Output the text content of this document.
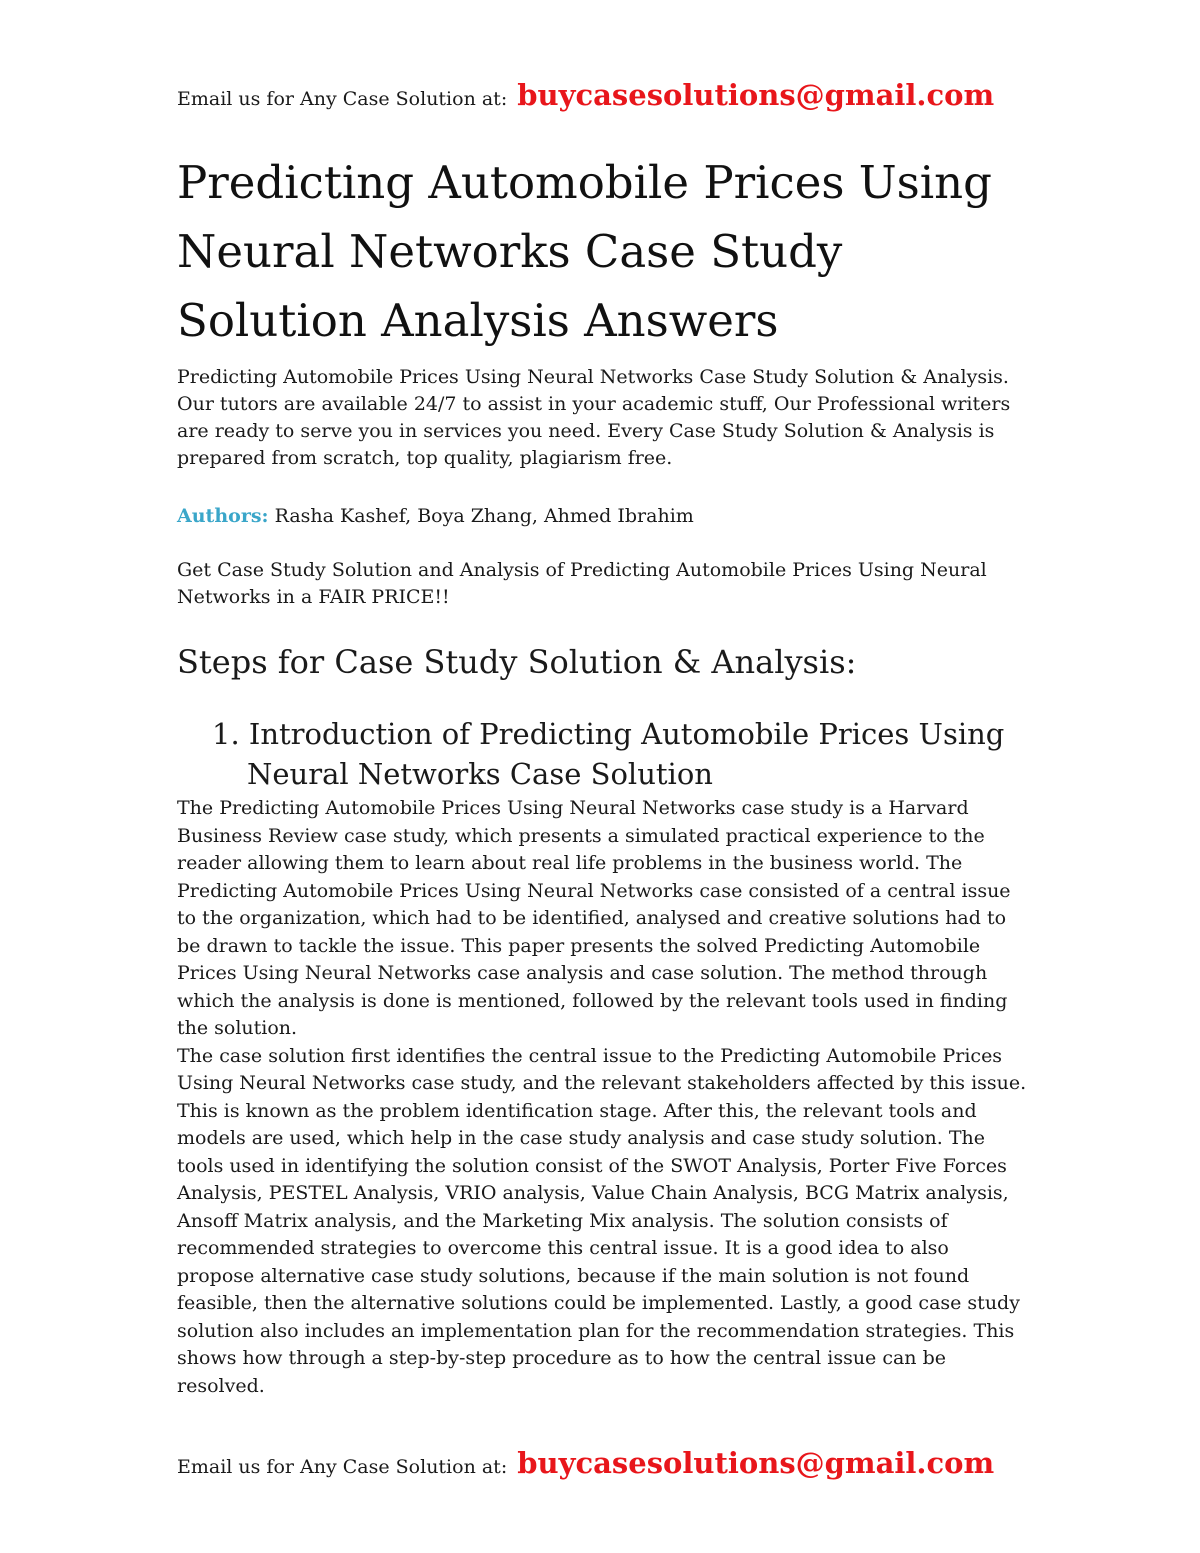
Email us for Any Case Solution at: buycasesolutions@gmail.com
Predicting Automobile Prices Using Neural Networks Case Study Solution Analysis Answers

Predicting Automobile Prices Using Neural Networks Case Study Solution & Analysis. Our tutors are available 24/7 to assist in your academic stuff, Our Professional writers are ready to serve you in services you need. Every Case Study Solution & Analysis is prepared from scratch, top quality, plagiarism free.

Authors: Rasha Kashef, Boya Zhang, Ahmed Ibrahim

Get Case Study Solution and Analysis of Predicting Automobile Prices Using Neural Networks in a FAIR PRICE!!

Steps for Case Study Solution & Analysis:
1. Introduction of Predicting Automobile Prices Using Neural Networks Case Solution

The Predicting Automobile Prices Using Neural Networks case study is a Harvard Business Review case study, which presents a simulated practical experience to the reader allowing them to learn about real life problems in the business world. The Predicting Automobile Prices Using Neural Networks case consisted of a central issue to the organization, which had to be identified, analysed and creative solutions had to be drawn to tackle the issue. This paper presents the solved Predicting Automobile Prices Using Neural Networks case analysis and case solution. The method through which the analysis is done is mentioned, followed by the relevant tools used in finding the solution.

The case solution first identifies the central issue to the Predicting Automobile Prices Using Neural Networks case study, and the relevant stakeholders affected by this issue. This is known as the problem identification stage. After this, the relevant tools and models are used, which help in the case study analysis and case study solution. The tools used in identifying the solution consist of the SWOT Analysis, Porter Five Forces Analysis, PESTEL Analysis, VRIO analysis, Value Chain Analysis, BCG Matrix analysis, Ansoff Matrix analysis, and the Marketing Mix analysis. The solution consists of recommended strategies to overcome this central issue. It is a good idea to also propose alternative case study solutions, because if the main solution is not found feasible, then the alternative solutions could be implemented. Lastly, a good case study solution also includes an implementation plan for the recommendation strategies. This shows how through a step-by-step procedure as to how the central issue can be resolved.

Email us for Any Case Solution at: buycasesolutions@gmail.com
